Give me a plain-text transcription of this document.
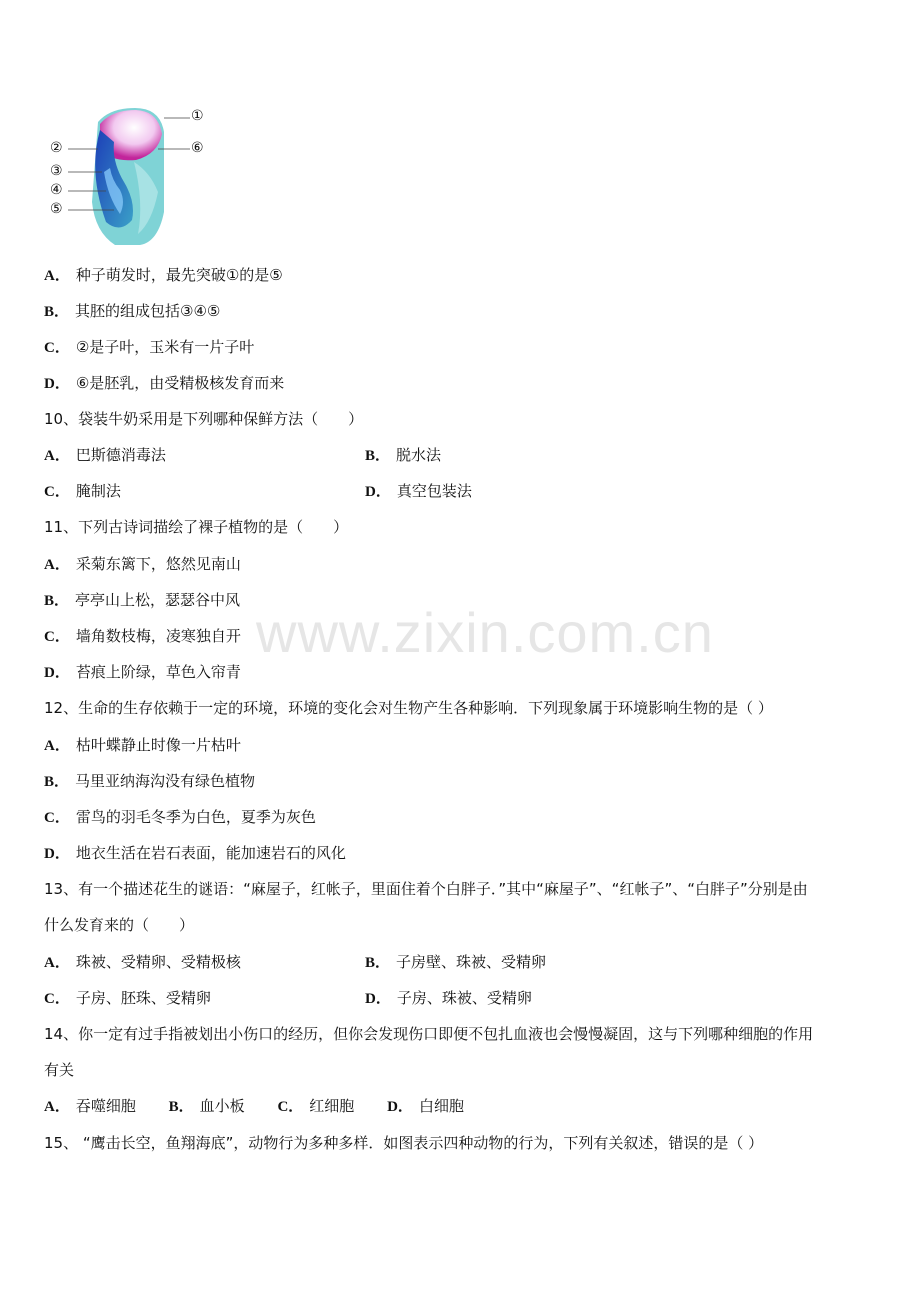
①
②
③
④
⑤
⑥
A． 种子萌发时，最先突破①的是⑤
B． 其胚的组成包括③④⑤
C． ②是子叶，玉米有一片子叶
D． ⑥是胚乳，由受精极核发育而来
10、袋装牛奶采用是下列哪种保鲜方法（　　）
A． 巴斯德消毒法	B． 脱水法
C． 腌制法	D． 真空包装法
11、下列古诗词描绘了裸子植物的是（　　）
A． 采菊东篱下，悠然见南山
B． 亭亭山上松，瑟瑟谷中风
C． 墙角数枝梅，凌寒独自开
D． 苔痕上阶绿，草色入帘青
12、生命的生存依赖于一定的环境，环境的变化会对生物产生各种影响．下列现象属于环境影响生物的是（ ）
A． 枯叶蝶静止时像一片枯叶
B． 马里亚纳海沟没有绿色植物
C． 雷鸟的羽毛冬季为白色，夏季为灰色
D． 地衣生活在岩石表面，能加速岩石的风化
13、有一个描述花生的谜语：“麻屋子，红帐子，里面住着个白胖子．”其中“麻屋子”、“红帐子”、“白胖子”分别是由
什么发育来的（　　）
A． 珠被、受精卵、受精极核	B． 子房壁、珠被、受精卵
C． 子房、胚珠、受精卵	D． 子房、珠被、受精卵
14、你一定有过手指被划出小伤口的经历，但你会发现伤口即便不包扎血液也会慢慢凝固，这与下列哪种细胞的作用
有关
A． 吞噬细胞 B． 血小板 C． 红细胞 D． 白细胞
15、 “鹰击长空，鱼翔海底”，动物行为多种多样．如图表示四种动物的行为，下列有关叙述，错误的是（ ）
www.zixin.com.cn
